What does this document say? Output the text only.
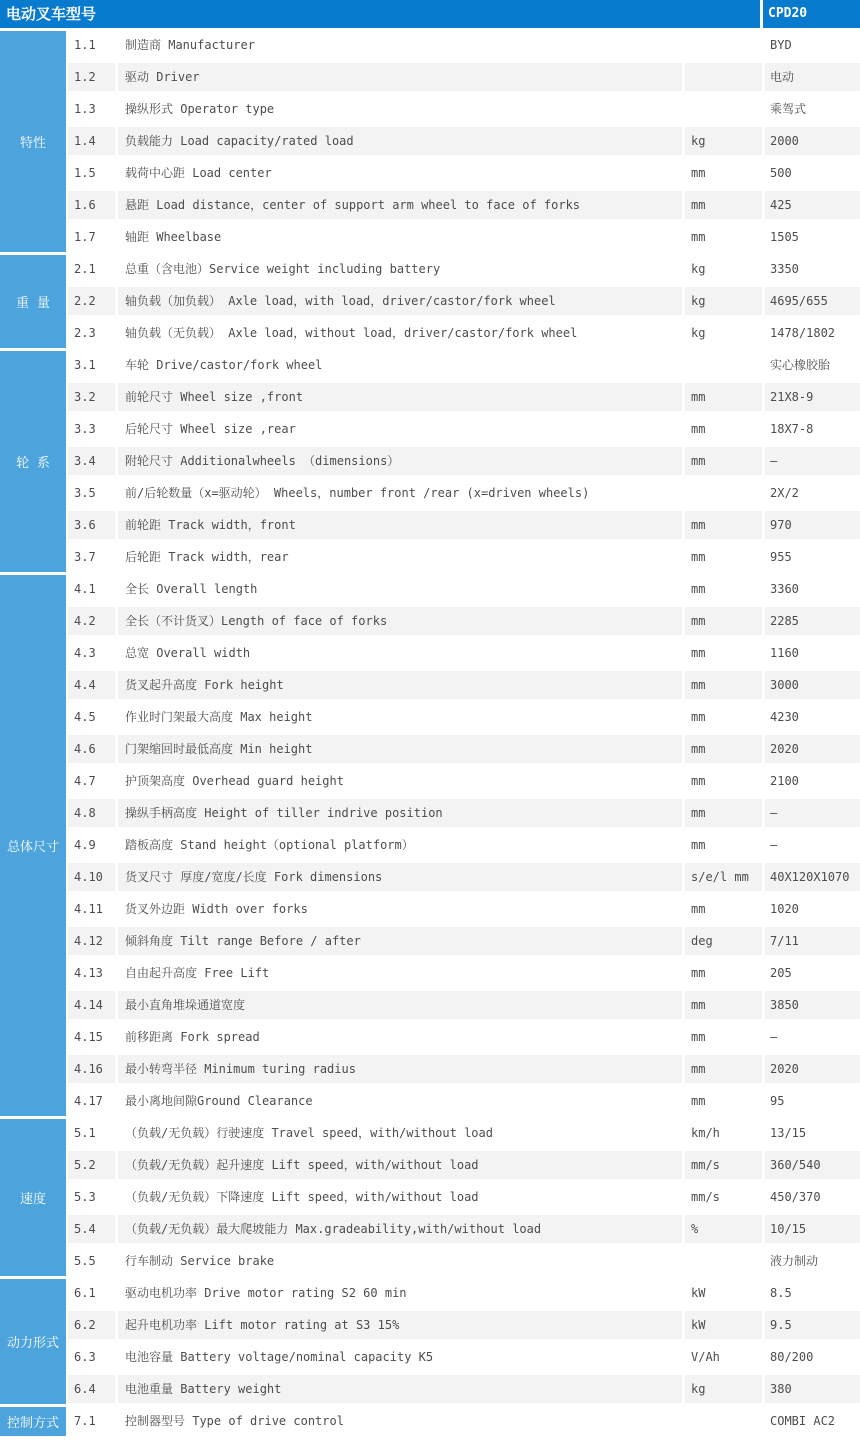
电动叉车型号	CPD20
特性
1.1	制造商 Manufacturer	BYD
1.2	驱动 Driver	电动
1.3	操纵形式 Operator type	乘驾式
1.4	负载能力 Load capacity/rated load	kg	2000
1.5	载荷中心距 Load center	mm	500
1.6	悬距 Load distance，center of support arm wheel to face of forks	mm	425
1.7	轴距 Wheelbase	mm	1505
重 量
2.1	总重（含电池）Service weight including battery	kg	3350
2.2	轴负载（加负载） Axle load，with load，driver/castor/fork wheel	kg	4695/655
2.3	轴负载（无负载） Axle load，without load，driver/castor/fork wheel	kg	1478/1802
轮 系
3.1	车轮 Drive/castor/fork wheel	实心橡胶胎
3.2	前轮尺寸 Wheel size ,front	mm	21X8-9
3.3	后轮尺寸 Wheel size ,rear	mm	18X7-8
3.4	附轮尺寸 Additionalwheels （dimensions）	mm	—
3.5	前/后轮数量（x=驱动轮） Wheels，number front /rear (x=driven wheels)	2X/2
3.6	前轮距 Track width，front	mm	970
3.7	后轮距 Track width，rear	mm	955
总体尺寸
4.1	全长 Overall length	mm	3360
4.2	全长（不计货叉）Length of face of forks	mm	2285
4.3	总宽 Overall width	mm	1160
4.4	货叉起升高度 Fork height	mm	3000
4.5	作业时门架最大高度 Max height	mm	4230
4.6	门架缩回时最低高度 Min height	mm	2020
4.7	护顶架高度 Overhead guard height	mm	2100
4.8	操纵手柄高度 Height of tiller indrive position	mm	—
4.9	踏板高度 Stand height（optional platform）	mm	—
4.10	货叉尺寸 厚度/宽度/长度 Fork dimensions	s/e/l mm	40X120X1070
4.11	货叉外边距 Width over forks	mm	1020
4.12	倾斜角度 Tilt range Before / after	deg	7/11
4.13	自由起升高度 Free Lift	mm	205
4.14	最小直角堆垛通道宽度	mm	3850
4.15	前移距离 Fork spread	mm	—
4.16	最小转弯半径 Minimum turing radius	mm	2020
4.17	最小离地间隙Ground Clearance	mm	95
速度
5.1	（负载/无负载）行驶速度 Travel speed，with/without load	km/h	13/15
5.2	（负载/无负载）起升速度 Lift speed，with/without load	mm/s	360/540
5.3	（负载/无负载）下降速度 Lift speed，with/without load	mm/s	450/370
5.4	（负载/无负载）最大爬坡能力 Max.gradeability,with/without load	%	10/15
5.5	行车制动 Service brake	液力制动
动力形式
6.1	驱动电机功率 Drive motor rating S2 60 min	kW	8.5
6.2	起升电机功率 Lift motor rating at S3 15%	kW	9.5
6.3	电池容量 Battery voltage/nominal capacity K5	V/Ah	80/200
6.4	电池重量 Battery weight	kg	380
控制方式	7.1	控制器型号 Type of drive control	COMBI AC2
